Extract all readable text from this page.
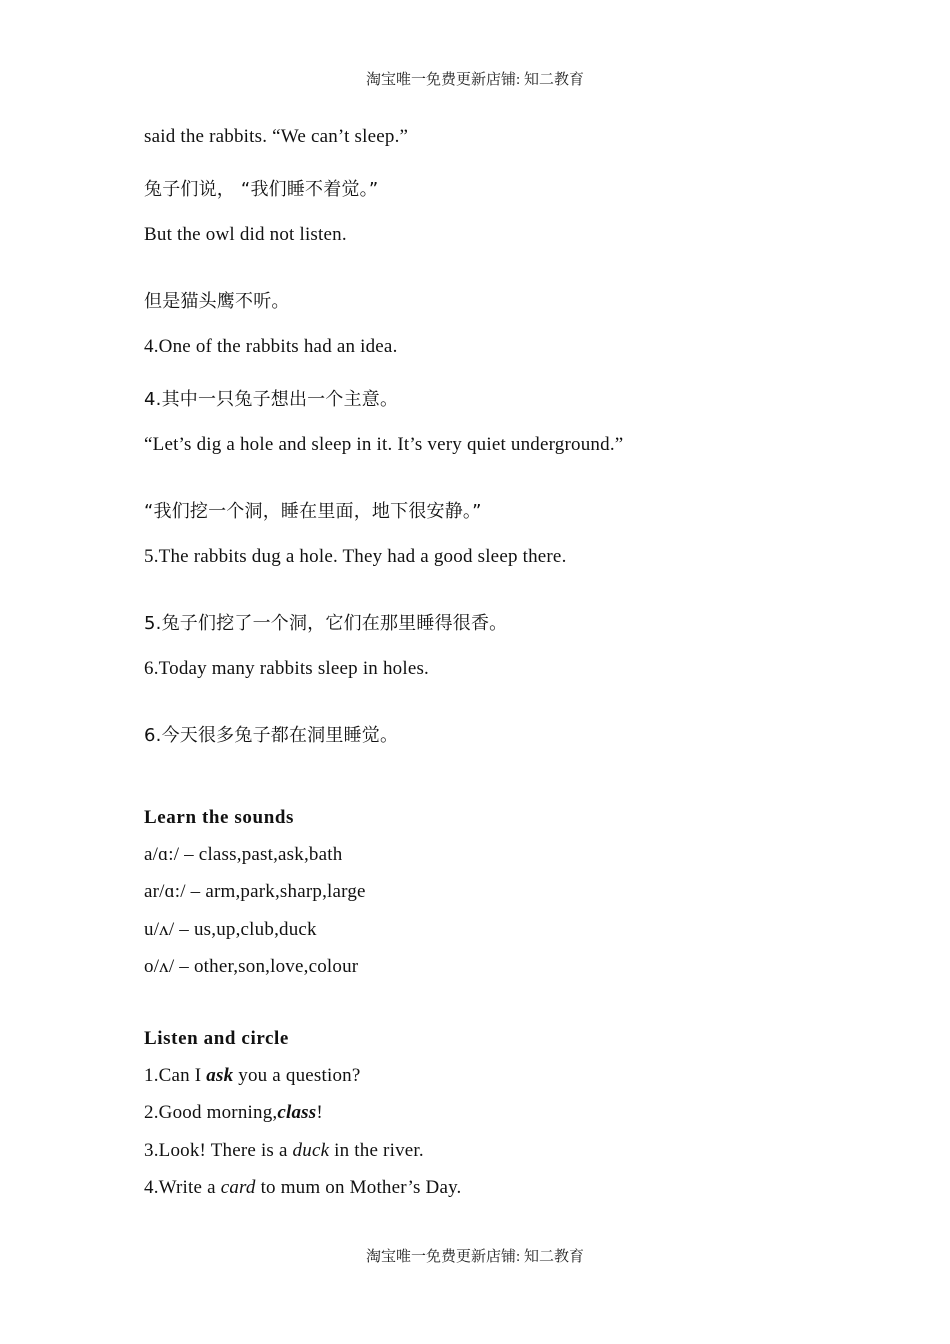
淘宝唯一免费更新店铺: 知二教育
said the rabbits. “We can’t sleep.”
兔子们说， “我们睡不着觉。”
But the owl did not listen.
但是猫头鹰不听。
4.One of the rabbits had an idea.
4.其中一只兔子想出一个主意。
“Let’s dig a hole and sleep in it. It’s very quiet underground.”
“我们挖一个洞，睡在里面，地下很安静。”
5.The rabbits dug a hole. They had a good sleep there.
5.兔子们挖了一个洞，它们在那里睡得很香。
6.Today many rabbits sleep in holes.
6.今天很多兔子都在洞里睡觉。
Learn the sounds
a/ɑ:/ – class,past,ask,bath
ar/ɑ:/ – arm,park,sharp,large
u/ʌ/ – us,up,club,duck
o/ʌ/ – other,son,love,colour
Listen and circle
1.Can I ask you a question?
2.Good morning,class!
3.Look! There is a duck in the river.
4.Write a card to mum on Mother’s Day.
淘宝唯一免费更新店铺: 知二教育
